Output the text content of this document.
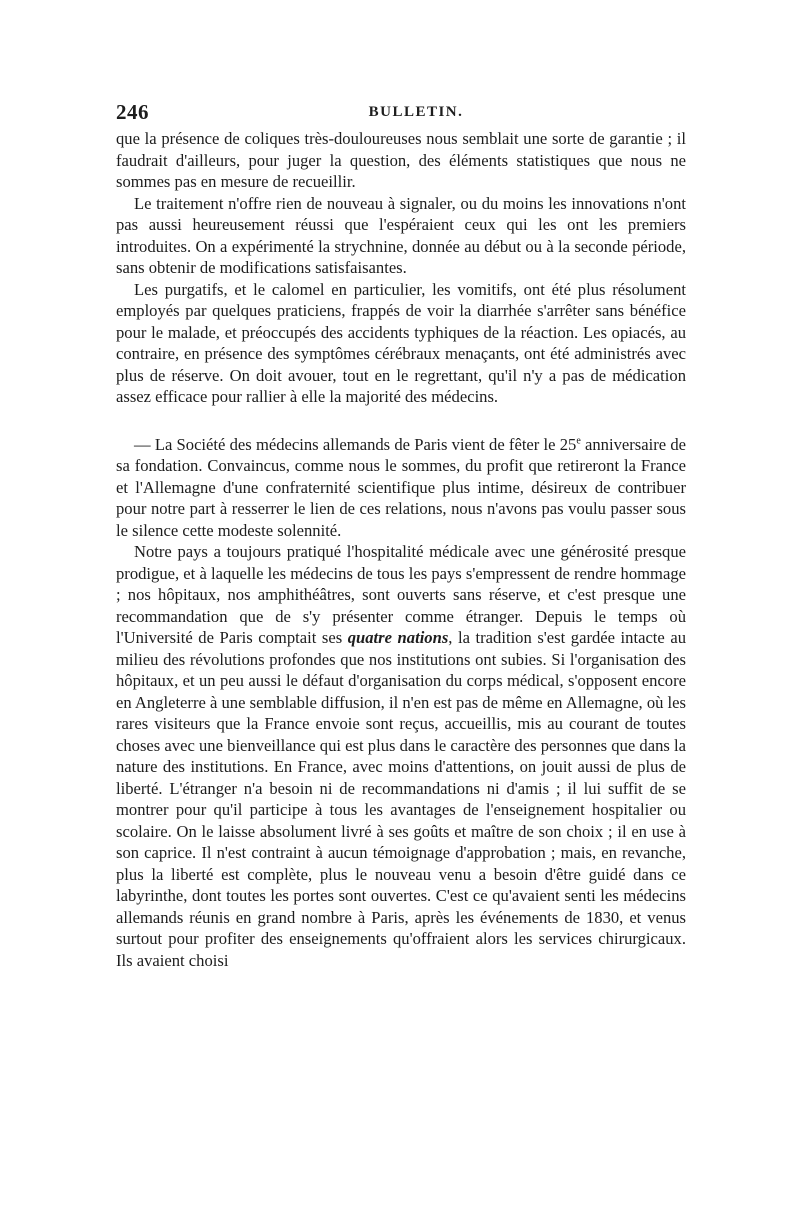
246	BULLETIN.

que la présence de coliques très-douloureuses nous semblait une sorte de garantie ; il faudrait d'ailleurs, pour juger la question, des éléments statistiques que nous ne sommes pas en mesure de recueillir.

Le traitement n'offre rien de nouveau à signaler, ou du moins les innovations n'ont pas aussi heureusement réussi que l'espéraient ceux qui les ont les premiers introduites. On a expérimenté la strychnine, donnée au début ou à la seconde période, sans obtenir de modifications satisfaisantes.

Les purgatifs, et le calomel en particulier, les vomitifs, ont été plus résolument employés par quelques praticiens, frappés de voir la diarrhée s'arrêter sans bénéfice pour le malade, et préoccupés des accidents typhiques de la réaction. Les opiacés, au contraire, en présence des symptômes cérébraux menaçants, ont été administrés avec plus de réserve. On doit avouer, tout en le regrettant, qu'il n'y a pas de médication assez efficace pour rallier à elle la majorité des médecins.

— La Société des médecins allemands de Paris vient de fêter le 25e anniversaire de sa fondation. Convaincus, comme nous le sommes, du profit que retireront la France et l'Allemagne d'une confraternité scientifique plus intime, désireux de contribuer pour notre part à resserrer le lien de ces relations, nous n'avons pas voulu passer sous le silence cette modeste solennité.

Notre pays a toujours pratiqué l'hospitalité médicale avec une générosité presque prodigue, et à laquelle les médecins de tous les pays s'empressent de rendre hommage ; nos hôpitaux, nos amphithéâtres, sont ouverts sans réserve, et c'est presque une recommandation que de s'y présenter comme étranger. Depuis le temps où l'Université de Paris comptait ses quatre nations, la tradition s'est gardée intacte au milieu des révolutions profondes que nos institutions ont subies. Si l'organisation des hôpitaux, et un peu aussi le défaut d'organisation du corps médical, s'opposent encore en Angleterre à une semblable diffusion, il n'en est pas de même en Allemagne, où les rares visiteurs que la France envoie sont reçus, accueillis, mis au courant de toutes choses avec une bienveillance qui est plus dans le caractère des personnes que dans la nature des institutions. En France, avec moins d'attentions, on jouit aussi de plus de liberté. L'étranger n'a besoin ni de recommandations ni d'amis ; il lui suffit de se montrer pour qu'il participe à tous les avantages de l'enseignement hospitalier ou scolaire. On le laisse absolument livré à ses goûts et maître de son choix ; il en use à son caprice. Il n'est contraint à aucun témoignage d'approbation ; mais, en revanche, plus la liberté est complète, plus le nouveau venu a besoin d'être guidé dans ce labyrinthe, dont toutes les portes sont ouvertes. C'est ce qu'avaient senti les médecins allemands réunis en grand nombre à Paris, après les événements de 1830, et venus surtout pour profiter des enseignements qu'offraient alors les services chirurgicaux. Ils avaient choisi
